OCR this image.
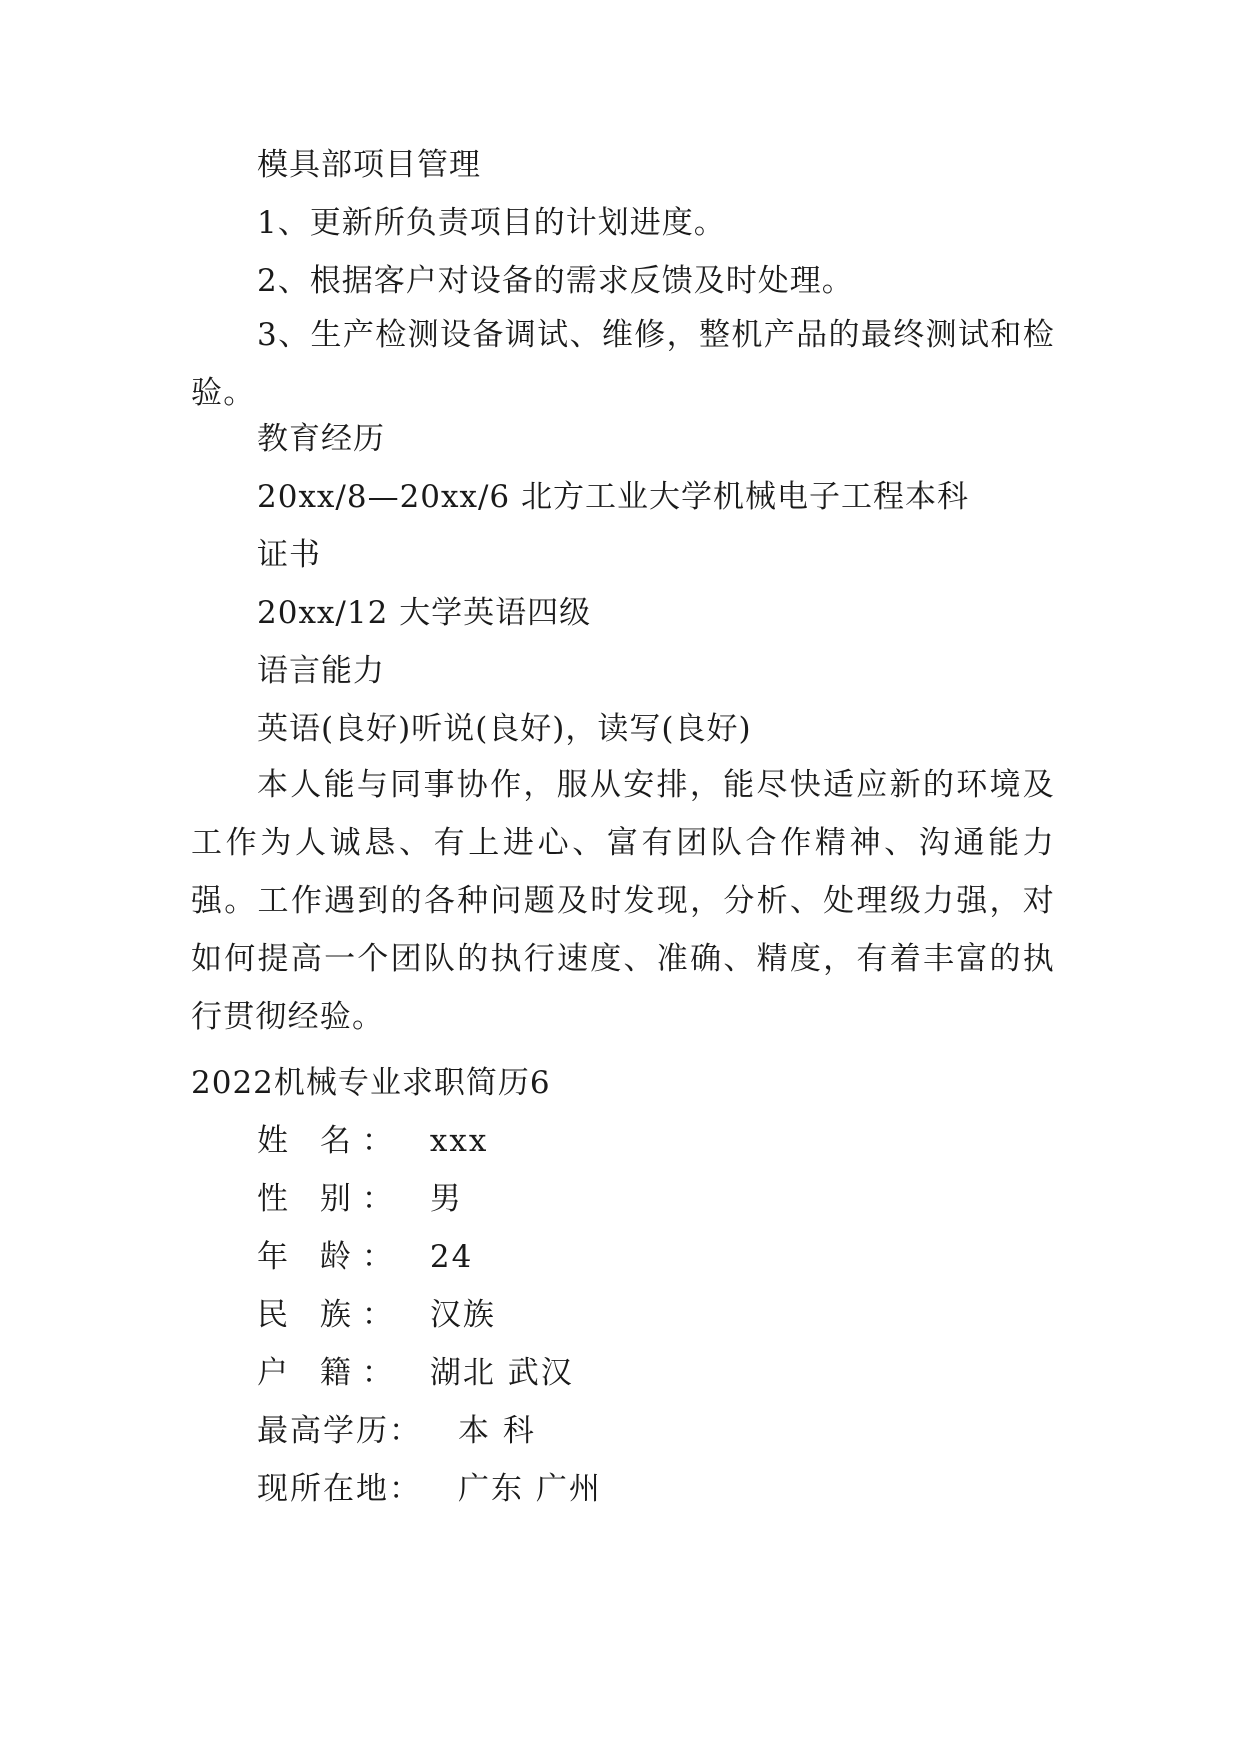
模具部项目管理
1、更新所负责项目的计划进度。
2、根据客户对设备的需求反馈及时处理。
3、生产检测设备调试、维修，整机产品的最终测试和检验。
教育经历
20xx/8—20xx/6 北方工业大学机械电子工程本科
证书
20xx/12 大学英语四级
语言能力
英语(良好)听说(良好)，读写(良好)
本人能与同事协作，服从安排，能尽快适应新的环境及工作为人诚恳、有上进心、富有团队合作精神、沟通能力强。工作遇到的各种问题及时发现，分析、处理级力强，对如何提高一个团队的执行速度、准确、精度，有着丰富的执行贯彻经验。
2022机械专业求职简历6
姓 名： xxx
性 别： 男
年 龄： 24
民 族： 汉族
户 籍： 湖北 武汉
最高学历： 本 科
现所在地： 广东 广州
